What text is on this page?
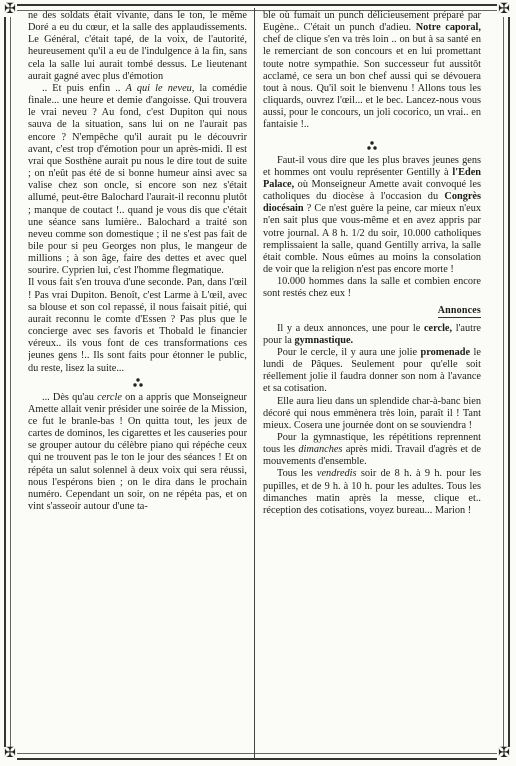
✠	✠
✠	✠

ne des soldats était vivante, dans le ton, le même Doré a eu du cœur, et la salle des applaudissements. Le Général, c'était tapé, de la voix, de l'autorité, heureusement qu'il a eu de l'indulgence à la fin, sans cela la salle lui aurait tombé dessus. Le lieutenant aurait gagné avec plus d'émotion

.. Et puis enfin .. A qui le neveu, la comédie finale... une heure et demie d'angoisse. Qui trouvera le vrai neveu ? Au fond, c'est Dupiton qui nous sauva de la situation, sans lui on ne l'aurait pas encore ? N'empêche qu'il aurait pu le découvrir avant, c'est trop d'émotion pour un après-midi. Il est vrai que Sosthène aurait pu nous le dire tout de suite ; on n'eût pas été de si bonne humeur ainsi avec sa valise chez son oncle, si encore son nez s'était allumé, peut-être Balochard l'aurait-il reconnu plutôt ; manque de coutact !.. quand je vous dis que c'était une séance sans lumière.. Balochard a traité son neveu comme son domestique ; il ne s'est pas fait de bile pour si peu Georges non plus, le mangeur de millions ; à son âge, faire des dettes et avec quel sourire. Cyprien lui, c'est l'homme flegmatique.

Il vous fait s'en trouva d'une seconde. Pan, dans l'œil ! Pas vrai Dupiton. Benoît, c'est Larme à L'œil, avec sa blouse et son col repassé, il nous faisait pitié, qui aurait reconnu le comte d'Essen ? Pas plus que le concierge avec ses favoris et Thobald le financier véreux.. ils vous font de ces transformations ces jeunes gens !.. Ils sont faits pour étonner le public, du reste, lisez la suite...

... Dès qu'au cercle on a appris que Monseigneur Amette allait venir présider une soirée de la Mission, ce fut le branle-bas ! On quitta tout, les jeux de cartes de dominos, les cigarettes et les causeries pour se grouper autour du célèbre piano qui répéche ceux qui ne trouvent pas le ton le jour des séances ! Et on répéta un salut solennel à deux voix qui sera réussi, nous l'espérons bien ; on le dira dans le prochain numéro. Cependant un soir, on ne répéta pas, et on vint s'asseoir autour d'une ta-

ble où fumait un punch délicieusement préparé par Eugène.. C'était un punch d'adieu. Notre caporal, chef de clique s'en va très loin .. on but à sa santé en le remerciant de son concours et en lui promettant toute notre sympathie. Son successeur fut aussitôt acclamé, ce sera un bon chef aussi qui se dévouera tout à nous. Qu'il soit le bienvenu ! Allons tous les cliquards, ouvrez l'œil... et le bec. Lancez-nous vous aussi, pour le concours, un joli cocorico, un vrai.. en fantaisie !..

Faut-il vous dire que les plus braves jeunes gens et hommes ont voulu représenter Gentilly à l'Eden Palace, où Monseigneur Amette avait convoqué les catholiques du diocèse à l'occasion du Congrès diocésain ? Ce n'est guère la peine, car mieux n'eux n'en sait plus que vous-même et en avez appris par votre journal. A 8 h. 1/2 du soir, 10.000 catholiques remplissaient la salle, quand Gentilly arriva, la salle était comble. Nous eûmes au moins la consolation de voir que la religion n'est pas encore morte !

10.000 hommes dans la salle et combien encore sont restés chez eux !

Annonces

Il y a deux annonces, une pour le cercle, l'autre pour la gymnastique.

Pour le cercle, il y aura une jolie promenade le lundi de Pâques. Seulement pour qu'elle soit réellement jolie il faudra donner son nom à l'avance et sa cotisation.

Elle aura lieu dans un splendide char-à-banc bien décoré qui nous emmènera très loin, paraît il ! Tant mieux. Cosera une journée dont on se souviendra !

Pour la gymnastique, les répétitions reprennent tous les dimanches après midi. Travail d'agrès et de mouvements d'ensemble.

Tous les vendredis soir de 8 h. à 9 h. pour les pupilles, et de 9 h. à 10 h. pour les adultes. Tous les dimanches matin après la messe, clique et.. réception des cotisations, voyez bureau... Marion !
